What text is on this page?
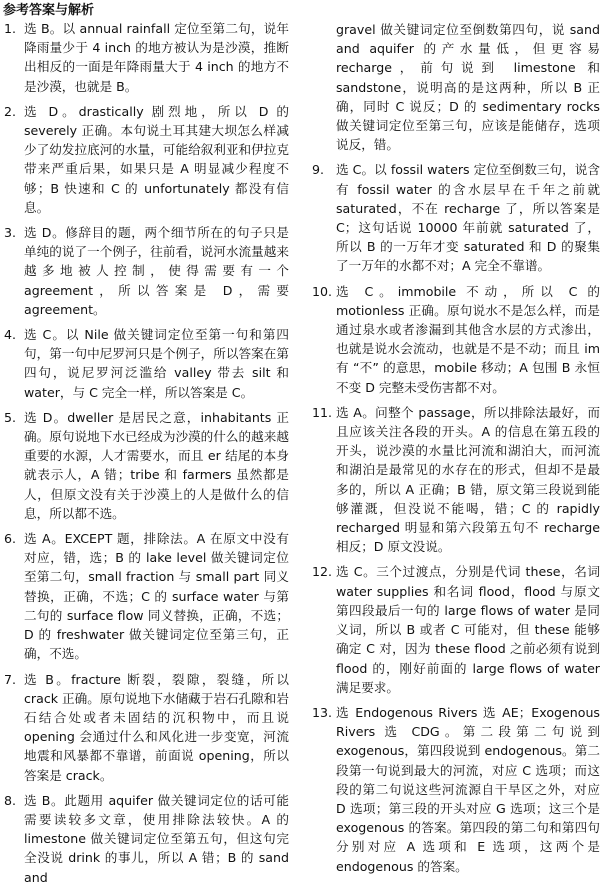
参考答案与解析
1. 选 B。以 annual rainfall 定位至第二句，说年降雨量少于 4 inch 的地方被认为是沙漠，推断出相反的一面是年降雨量大于 4 inch 的地方不是沙漠，也就是 B。
2. 选 D。drastically 剧烈地，所以 D 的 severely 正确。本句说土耳其建大坝怎么样减少了幼发拉底河的水量，可能给叙利亚和伊拉克带来严重后果，如果只是 A 明显减少程度不够；B 快速和 C 的 unfortunately 都没有信息。
3. 选 D。修辞目的题，两个细节所在的句子只是单纯的说了一个例子，往前看，说河水流量越来越多地被人控制，使得需要有一个agreement，所以答案是 D，需要 agreement。
4. 选 C。以 Nile 做关键词定位至第一句和第四句，第一句中尼罗河只是个例子，所以答案在第四句，说尼罗河泛滥给 valley 带去 silt 和 water，与 C 完全一样，所以答案是 C。
5. 选 D。dweller 是居民之意，inhabitants 正确。原句说地下水已经成为沙漠的什么的越来越重要的水源，人才需要水，而且 er 结尾的本身就表示人，A 错；tribe 和 farmers 虽然都是人，但原文没有关于沙漠上的人是做什么的信息，所以都不选。
6. 选 A。EXCEPT 题，排除法。A 在原文中没有对应，错，选；B 的 lake level 做关键词定位至第二句，small fraction 与 small part 同义替换，正确，不选；C 的 surface water 与第二句的 surface flow 同义替换，正确，不选；D 的 freshwater 做关键词定位至第三句，正确，不选。
7. 选 B。fracture 断裂，裂隙，裂缝，所以 crack 正确。原句说地下水储藏于岩石孔隙和岩石结合处或者未固结的沉积物中，而且说 opening 会通过什么和风化进一步变宽，河流地震和风暴都不靠谱，前面说 opening，所以答案是 crack。
8. 选 B。此题用 aquifer 做关键词定位的话可能需要读较多文章，使用排除法较快。A 的 limestone 做关键词定位至第五句，但这句完全没说 drink 的事儿，所以 A 错；B 的 sand and
gravel 做关键词定位至倒数第四句，说 sand and aquifer 的产水量低，但更容易 recharge，前句说到 limestone 和 sandstone，说明高的是这两种，所以 B 正确，同时 C 说反；D 的 sedimentary rocks 做关键词定位至第三句，应该是能储存，选项说反，错。
9. 选 C。以 fossil waters 定位至倒数三句，说含有 fossil water 的含水层早在千年之前就 saturated，不在 recharge 了，所以答案是 C；这句话说 10000 年前就 saturated 了，所以 B 的一万年才变 saturated 和 D 的聚集了一万年的水都不对；A 完全不靠谱。
10. 选 C。immobile 不动，所以 C 的 motionless 正确。原句说水不是怎么样，而是通过泉水或者渗漏到其他含水层的方式渗出，也就是说水会流动，也就是不是不动；而且 im 有 “不” 的意思，mobile 移动；A 包围 B 永恒不变 D 完整未受伤害都不对。
11. 选 A。问整个 passage，所以排除法最好，而且应该关注各段的开头。A 的信息在第五段的开头，说沙漠的水量比河流和湖泊大，而河流和湖泊是最常见的水存在的形式，但却不是最多的，所以 A 正确；B 错，原文第三段说到能够灌溉，但没说不能喝，错；C 的 rapidly recharged 明显和第六段第五句不 recharge 相反；D 原文没说。
12. 选 C。三个过渡点，分别是代词 these，名词 water supplies 和名词 flood，flood 与原文第四段最后一句的 large flows of water 是同义词，所以 B 或者 C 可能对，但 these 能够确定 C 对，因为 these flood 之前必须有说到 flood 的，刚好前面的 large flows of water 满足要求。
13. 选 Endogenous Rivers 选 AE；Exogenous Rivers 选 CDG。第二段第二句说到 exogenous，第四段说到 endogenous。第二段第一句说到最大的河流，对应 C 选项；而这段的第二句说这些河流源自干旱区之外，对应 D 选项；第三段的开头对应 G 选项；这三个是 exogenous 的答案。第四段的第二句和第四句分别对应 A 选项和 E 选项，这两个是 endogenous 的答案。
